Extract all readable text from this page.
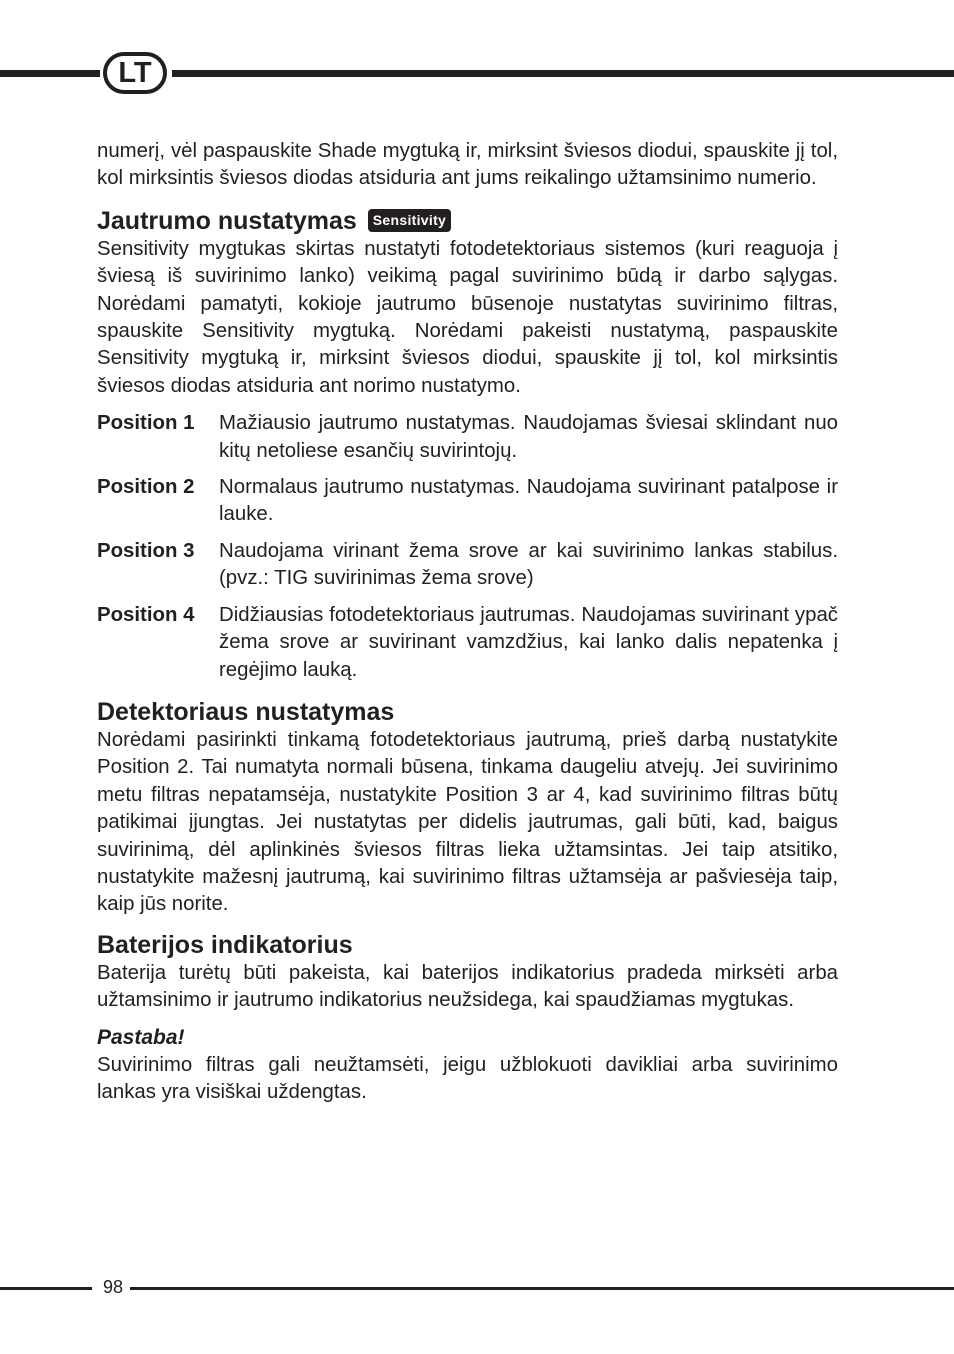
LT

numerį, vėl paspauskite Shade mygtuką ir, mirksint šviesos diodui, spauskite jį tol, kol mirksintis šviesos diodas atsiduria ant jums reikalingo užtamsinimo numerio.

Jautrumo nustatymas	Sensitivity

Sensitivity mygtukas skirtas nustatyti fotodetektoriaus sistemos (kuri reaguoja į šviesą iš suvirinimo lanko) veikimą pagal suvirinimo būdą ir darbo sąlygas. Norėdami pamatyti, kokioje jautrumo būsenoje nustatytas suvirinimo filtras, spauskite Sensitivity mygtuką. Norėdami pakeisti nustatymą, paspauskite Sensitivity mygtuką ir, mirksint šviesos diodui, spauskite jį tol, kol mirksintis šviesos diodas atsiduria ant norimo nustatymo.

Position 1	Mažiausio jautrumo nustatymas. Naudojamas šviesai sklindant nuo kitų netoliese esančių suvirintojų.
Position 2	Normalaus jautrumo nustatymas. Naudojama suvirinant patalpose ir lauke.
Position 3	Naudojama virinant žema srove ar kai suvirinimo lankas stabilus. (pvz.: TIG suvirinimas žema srove)
Position 4	Didžiausias fotodetektoriaus jautrumas. Naudojamas suvirinant ypač žema srove ar suvirinant vamzdžius, kai lanko dalis nepatenka į regėjimo lauką.
Detektoriaus nustatymas

Norėdami pasirinkti tinkamą fotodetektoriaus jautrumą, prieš darbą nustatykite Position 2. Tai numatyta normali būsena, tinkama daugeliu atvejų. Jei suvirinimo metu filtras nepatamsėja, nustatykite Position 3 ar 4, kad suvirinimo filtras būtų patikimai įjungtas. Jei nustatytas per didelis jautrumas, gali būti, kad, baigus suvirinimą, dėl aplinkinės šviesos filtras lieka užtamsintas. Jei taip atsitiko, nustatykite mažesnį jautrumą, kai suvirinimo filtras užtamsėja ar pašviesėja taip, kaip jūs norite.

Baterijos indikatorius

Baterija turėtų būti pakeista, kai baterijos indikatorius pradeda mirksėti arba užtamsinimo ir jautrumo indikatorius neužsidega, kai spaudžiamas mygtukas.

Pastaba!

Suvirinimo filtras gali neužtamsėti, jeigu užblokuoti davikliai arba suvirinimo lankas yra visiškai uždengtas.

98
